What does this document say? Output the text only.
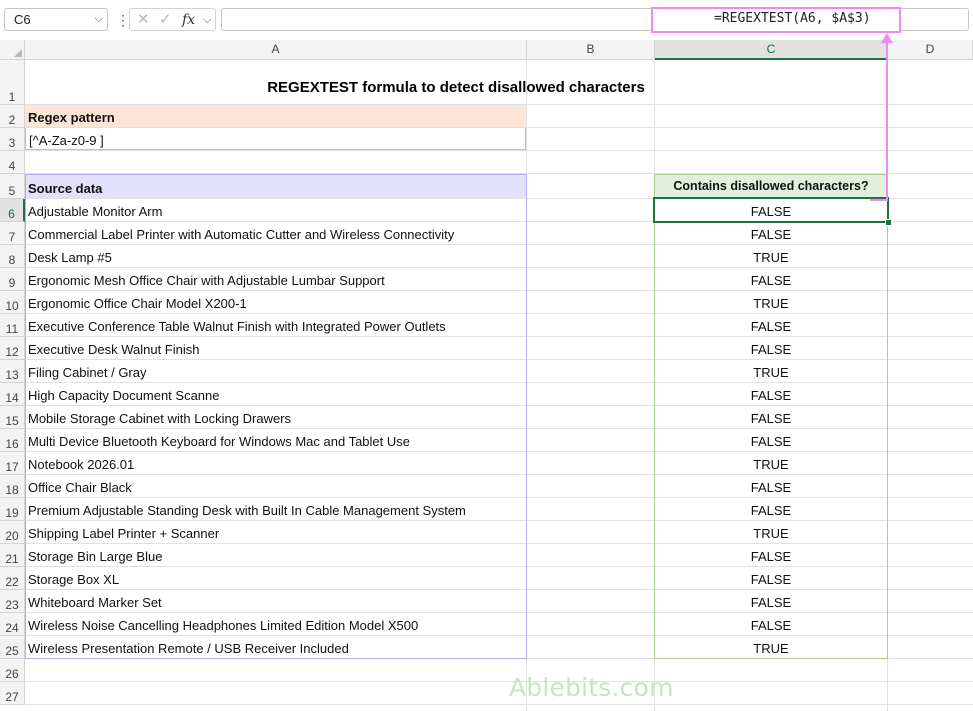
C6	⌵ ⋮ ✕ ✓ fx ⌵	=REGEXTEST(A6, $A$3)
A	B	C	D
1
2
3
4
5
6
7
8
9
10
11
12
13
14
15
16
17
18
19
20
21
22
23
24
25
26
27
REGEXTEST formula to detect disallowed characters
Regex pattern
[^A-Za-z0-9 ]
Source data	Contains disallowed characters?
Adjustable Monitor Arm	FALSE
Commercial Label Printer with Automatic Cutter and Wireless Connectivity	FALSE
Desk Lamp #5	TRUE
Ergonomic Mesh Office Chair with Adjustable Lumbar Support	FALSE
Ergonomic Office Chair Model X200-1	TRUE
Executive Conference Table Walnut Finish with Integrated Power Outlets	FALSE
Executive Desk Walnut Finish	FALSE
Filing Cabinet / Gray	TRUE
High Capacity Document Scanne	FALSE
Mobile Storage Cabinet with Locking Drawers	FALSE
Multi Device Bluetooth Keyboard for Windows Mac and Tablet Use	FALSE
Notebook 2026.01	TRUE
Office Chair Black	FALSE
Premium Adjustable Standing Desk with Built In Cable Management System	FALSE
Shipping Label Printer + Scanner	TRUE
Storage Bin Large Blue	FALSE
Storage Box XL	FALSE
Whiteboard Marker Set	FALSE
Wireless Noise Cancelling Headphones Limited Edition Model X500	FALSE
Wireless Presentation Remote / USB Receiver Included	TRUE
Ablebits.com
